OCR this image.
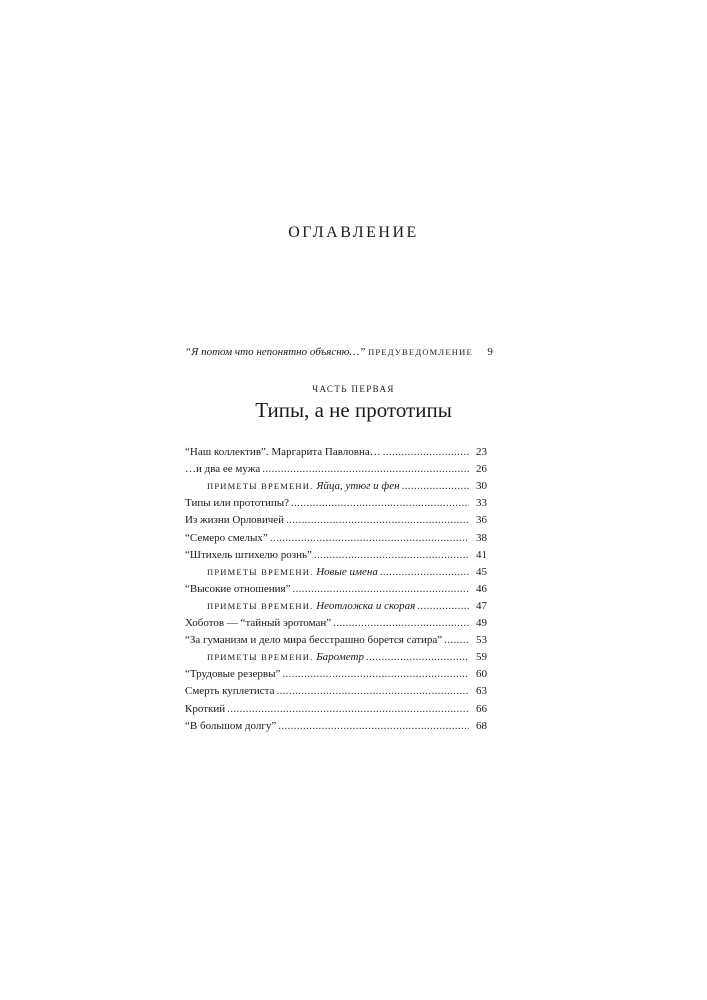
ОГЛАВЛЕНИЕ
“Я потом что непонятно объясню…” ПРЕДУВЕДОМЛЕНИЕ	9
ЧАСТЬ ПЕРВАЯ
Типы, а не прототипы
“Наш коллектив”. Маргарита Павловна… . . .	23
…и два ее мужа . . .	26
ПРИМЕТЫ ВРЕМЕНИ. Яйца, утюг и фен . . .	30
Типы или прототипы? . . .	33
Из жизни Орловичей . . .	36
“Семеро смелых” . . .	38
“Штихель штихелю рознь” . . .	41
ПРИМЕТЫ ВРЕМЕНИ. Новые имена . . .	45
“Высокие отношения” . . .	46
ПРИМЕТЫ ВРЕМЕНИ. Неотложка и скорая . . .	47
Хоботов — “тайный эротоман” . . .	49
“За гуманизм и дело мира бесстрашно борется сатира” . . .	53
ПРИМЕТЫ ВРЕМЕНИ. Барометр . . .	59
“Трудовые резервы” . . .	60
Смерть куплетиста . . .	63
Кроткий . . .	66
“В большом долгу” . . .	68
